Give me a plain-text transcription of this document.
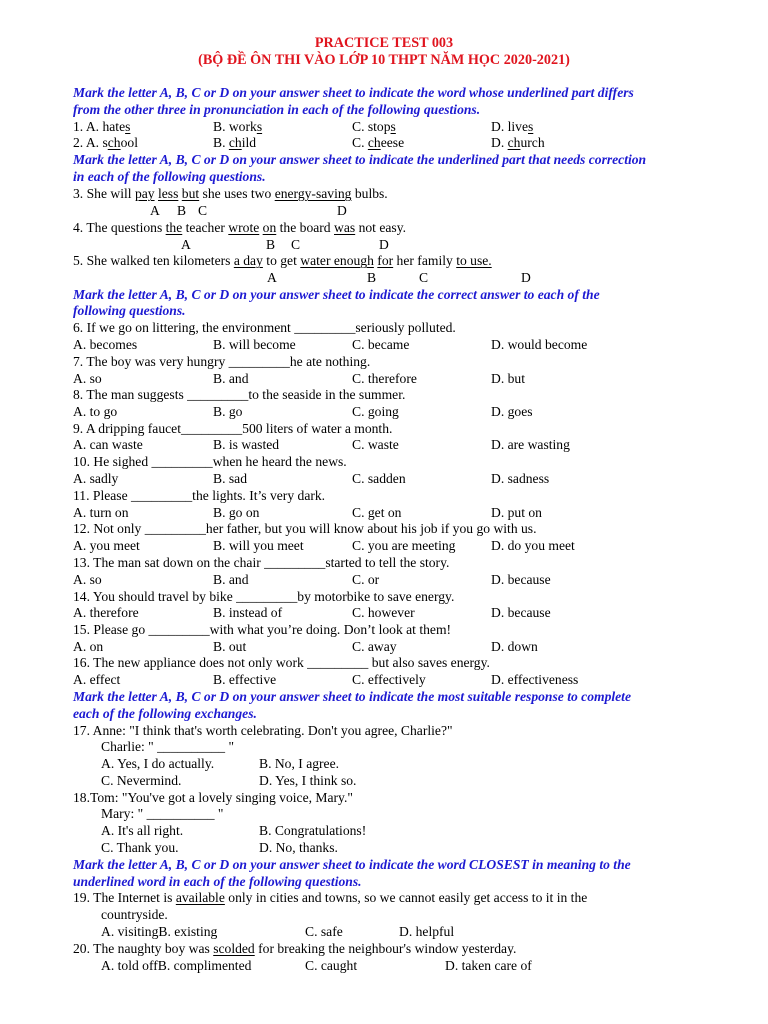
PRACTICE TEST 003
(BỘ ĐỀ ÔN THI VÀO LỚP 10 THPT NĂM HỌC 2020-2021)
Mark the letter A, B, C or D on your answer sheet to indicate the word whose underlined part differs
from the other three in pronunciation in each of the following questions.
1. A. hates	B. works	C. stops	D. lives
2. A. school	B. child	C. cheese	D. church
Mark the letter A, B, C or D on your answer sheet to indicate the underlined part that needs correction
in each of the following questions.
3. She will pay less but she uses two energy-saving bulbs.
A B C	D
4. The questions the teacher wrote on the board was not easy.
A	B C	D
5. She walked ten kilometers a day to get water enough for her family to use.
A	B	C	D
Mark the letter A, B, C or D on your answer sheet to indicate the correct answer to each of the
following questions.
6. If we go on littering, the environment _________seriously polluted.
A. becomes	B. will become	C. became	D. would become
7. The boy was very hungry _________he ate nothing.
A. so	B. and	C. therefore	D. but
8. The man suggests _________to the seaside in the summer.
A. to go	B. go	C. going	D. goes
9. A dripping faucet_________500 liters of water a month.
A. can waste	B. is wasted	C. waste	D. are wasting
10. He sighed _________when he heard the news.
A. sadly	B. sad	C. sadden	D. sadness
11. Please _________the lights. It’s very dark.
A. turn on	B. go on	C. get on	D. put on
12. Not only _________her father, but you will know about his job if you go with us.
A. you meet	B. will you meet	C. you are meeting	D. do you meet
13. The man sat down on the chair _________started to tell the story.
A. so	B. and	C. or	D. because
14. You should travel by bike _________by motorbike to save energy.
A. therefore	B. instead of	C. however	D. because
15. Please go _________with what you’re doing. Don’t look at them!
A. on	B. out	C. away	D. down
16. The new appliance does not only work _________ but also saves energy.
A. effect	B. effective	C. effectively	D. effectiveness
Mark the letter A, B, C or D on your answer sheet to indicate the most suitable response to complete
each of the following exchanges.
17. Anne: "I think that's worth celebrating. Don't you agree, Charlie?"
Charlie: " __________ "
A. Yes, I do actually.	B. No, I agree.
C. Nevermind.	D. Yes, I think so.
18.Tom: "You've got a lovely singing voice, Mary."
Mary: " __________ "
A. It's all right.	B. Congratulations!
C. Thank you.	D. No, thanks.
Mark the letter A, B, C or D on your answer sheet to indicate the word CLOSEST in meaning to the
underlined word in each of the following questions.
19. The Internet is available only in cities and towns, so we cannot easily get access to it in the
countryside.
A. visitingB. existing	C. safe	D. helpful
20. The naughty boy was scolded for breaking the neighbour's window yesterday.
A. told offB. complimented	C. caught	D. taken care of
